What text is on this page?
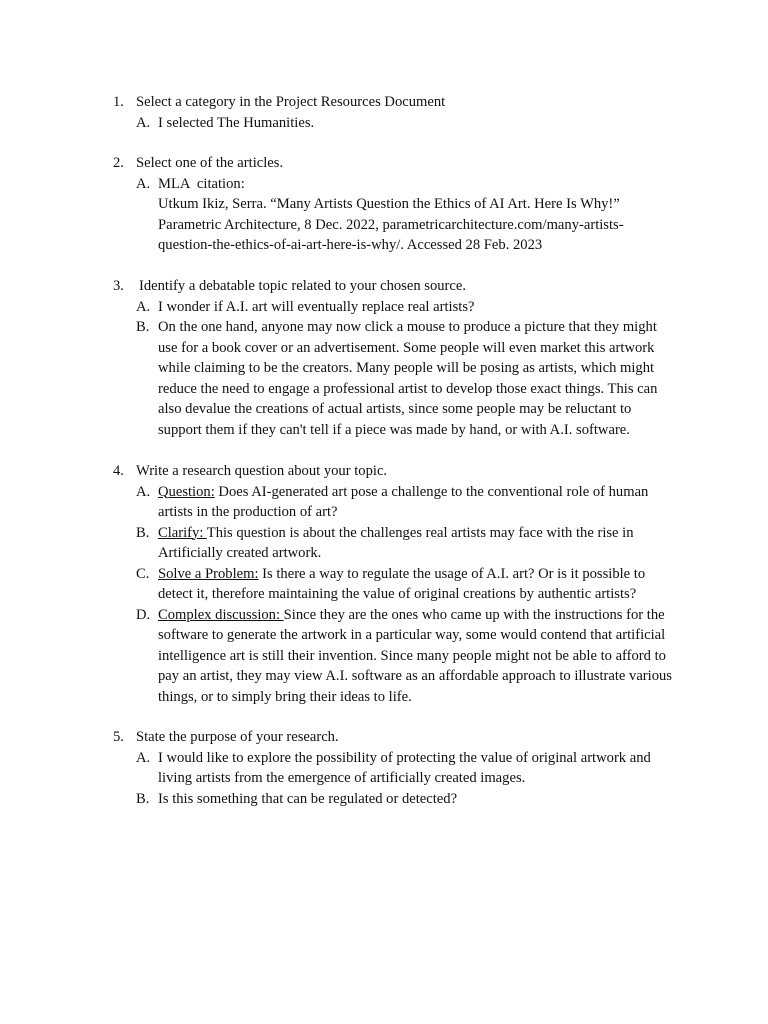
1. Select a category in the Project Resources Document
A. I selected The Humanities.
2. Select one of the articles.
A. MLA  citation:
Utkum Ikiz, Serra. “Many Artists Question the Ethics of AI Art. Here Is Why!”
Parametric Architecture, 8 Dec. 2022, parametricarchitecture.com/many-artists-
question-the-ethics-of-ai-art-here-is-why/. Accessed 28 Feb. 2023
3. Identify a debatable topic related to your chosen source.
A. I wonder if A.I. art will eventually replace real artists?
B. On the one hand, anyone may now click a mouse to produce a picture that they might use for a book cover or an advertisement. Some people will even market this artwork while claiming to be the creators. Many people will be posing as artists, which might reduce the need to engage a professional artist to develop those exact things. This can also devalue the creations of actual artists, since some people may be reluctant to support them if they can't tell if a piece was made by hand, or with A.I. software.
4. Write a research question about your topic.
A. Question: Does AI-generated art pose a challenge to the conventional role of human artists in the production of art?
B. Clarify: This question is about the challenges real artists may face with the rise in Artificially created artwork.
C. Solve a Problem: Is there a way to regulate the usage of A.I. art? Or is it possible to detect it, therefore maintaining the value of original creations by authentic artists?
D. Complex discussion: Since they are the ones who came up with the instructions for the software to generate the artwork in a particular way, some would contend that artificial intelligence art is still their invention. Since many people might not be able to afford to pay an artist, they may view A.I. software as an affordable approach to illustrate various things, or to simply bring their ideas to life.
5. State the purpose of your research.
A. I would like to explore the possibility of protecting the value of original artwork and living artists from the emergence of artificially created images.
B. Is this something that can be regulated or detected?
